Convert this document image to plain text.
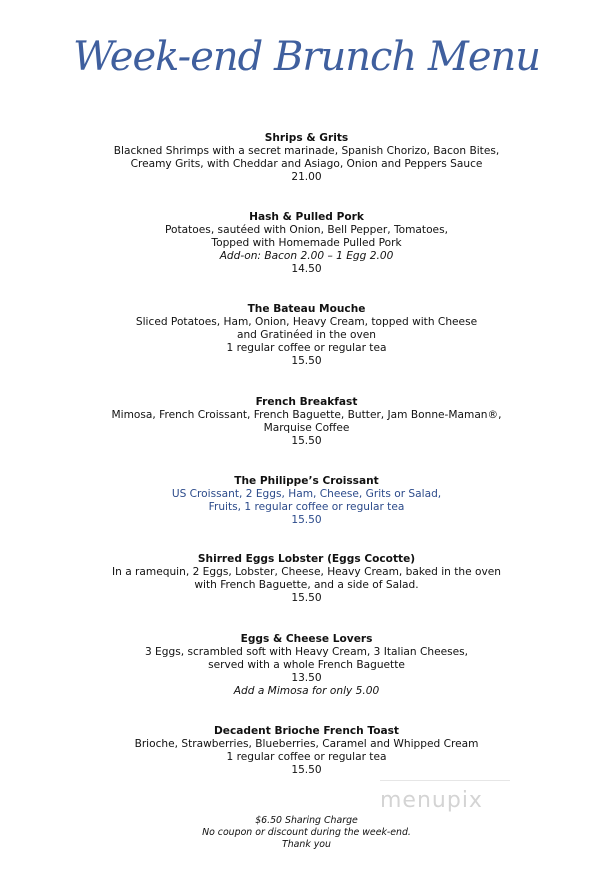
Week-end Brunch Menu
Shrips & Grits
Blackned Shrimps with a secret marinade, Spanish Chorizo, Bacon Bites,
Creamy Grits, with Cheddar and Asiago, Onion and Peppers Sauce
21.00
Hash & Pulled Pork
Potatoes, sautéed with Onion, Bell Pepper, Tomatoes,
Topped with Homemade Pulled Pork
Add-on: Bacon 2.00 – 1 Egg 2.00
14.50
The Bateau Mouche
Sliced Potatoes, Ham, Onion, Heavy Cream, topped with Cheese
and Gratinéed in the oven
1 regular coffee or regular tea
15.50
French Breakfast
Mimosa, French Croissant, French Baguette, Butter, Jam Bonne-Maman®,
Marquise Coffee
15.50
The Philippe’s Croissant
US Croissant, 2 Eggs, Ham, Cheese, Grits or Salad,
Fruits, 1 regular coffee or regular tea
15.50
Shirred Eggs Lobster (Eggs Cocotte)
In a ramequin, 2 Eggs, Lobster, Cheese, Heavy Cream, baked in the oven
with French Baguette, and a side of Salad.
15.50
Eggs & Cheese Lovers
3 Eggs, scrambled soft with Heavy Cream, 3 Italian Cheeses,
served with a whole French Baguette
13.50
Add a Mimosa for only 5.00
Decadent Brioche French Toast
Brioche, Strawberries, Blueberries, Caramel and Whipped Cream
1 regular coffee or regular tea
15.50
menupix
$6.50 Sharing Charge
No coupon or discount during the week-end.
Thank you
